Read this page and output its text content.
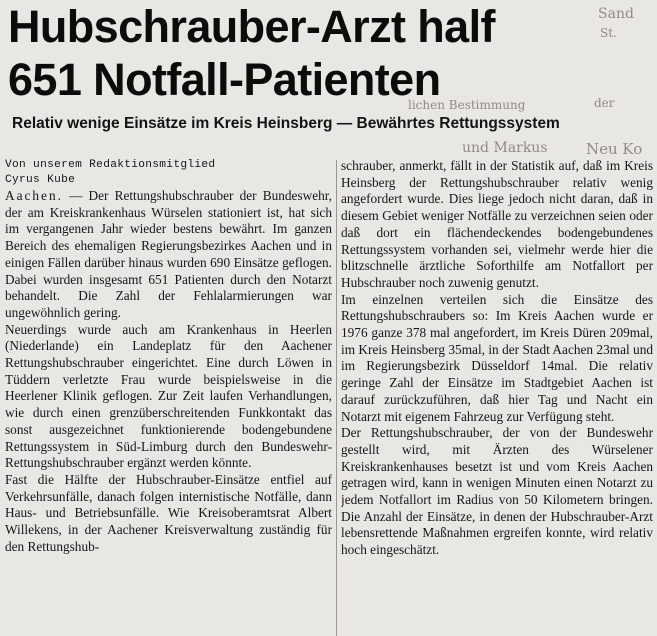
Sand
St.
lichen Bestimmung
und Markus
der
Neu Ko
Hubschrauber-Arzt half
651 Notfall-Patienten
Relativ wenige Einsätze im Kreis Heinsberg — Bewährtes Rettungssystem
Von unserem Redaktionsmitglied
Cyrus Kube

Aachen. — Der Rettungshubschrauber der Bundeswehr, der am Kreiskrankenhaus Würselen stationiert ist, hat sich im vergangenen Jahr wieder bestens bewährt. Im ganzen Bereich des ehemaligen Regierungsbezirkes Aachen und in einigen Fällen darüber hinaus wurden 690 Einsätze geflogen. Dabei wurden insgesamt 651 Patienten durch den Notarzt behandelt. Die Zahl der Fehlalarmierungen war ungewöhnlich gering.

Neuerdings wurde auch am Krankenhaus in Heerlen (Niederlande) ein Landeplatz für den Aachener Rettungshubschrauber eingerichtet. Eine durch Löwen in Tüddern verletzte Frau wurde beispielsweise in die Heerlener Klinik geflogen. Zur Zeit laufen Verhandlungen, wie durch einen grenzüberschreitenden Funkkontakt das sonst ausgezeichnet funktionierende bodengebundene Rettungssystem in Süd-Limburg durch den Bundeswehr-Rettungshubschrauber ergänzt werden könnte.

Fast die Hälfte der Hubschrauber-Einsätze entfiel auf Verkehrsunfälle, danach folgen internistische Notfälle, dann Haus- und Betriebsunfälle. Wie Kreisoberamtsrat Albert Willekens, in der Aachener Kreisverwaltung zuständig für den Rettungshub-

schrauber, anmerkt, fällt in der Statistik auf, daß im Kreis Heinsberg der Rettungshubschrauber relativ wenig angefordert wurde. Dies liege jedoch nicht daran, daß in diesem Gebiet weniger Notfälle zu verzeichnen seien oder daß dort ein flächendeckendes bodengebundenes Rettungssystem vorhanden sei, vielmehr werde hier die blitzschnelle ärztliche Soforthilfe am Notfallort per Hubschrauber noch zuwenig genutzt.

Im einzelnen verteilen sich die Einsätze des Rettungshubschraubers so: Im Kreis Aachen wurde er 1976 ganze 378 mal angefordert, im Kreis Düren 209mal, im Kreis Heinsberg 35mal, in der Stadt Aachen 23mal und im Regierungsbezirk Düsseldorf 14mal. Die relativ geringe Zahl der Einsätze im Stadtgebiet Aachen ist darauf zurückzuführen, daß hier Tag und Nacht ein Notarzt mit eigenem Fahrzeug zur Verfügung steht.

Der Rettungshubschrauber, der von der Bundeswehr gestellt wird, mit Ärzten des Würselener Kreiskrankenhauses besetzt ist und vom Kreis Aachen getragen wird, kann in wenigen Minuten einen Notarzt zu jedem Notfallort im Radius von 50 Kilometern bringen. Die Anzahl der Einsätze, in denen der Hubschrauber-Arzt lebensrettende Maßnahmen ergreifen konnte, wird relativ hoch eingeschätzt.
